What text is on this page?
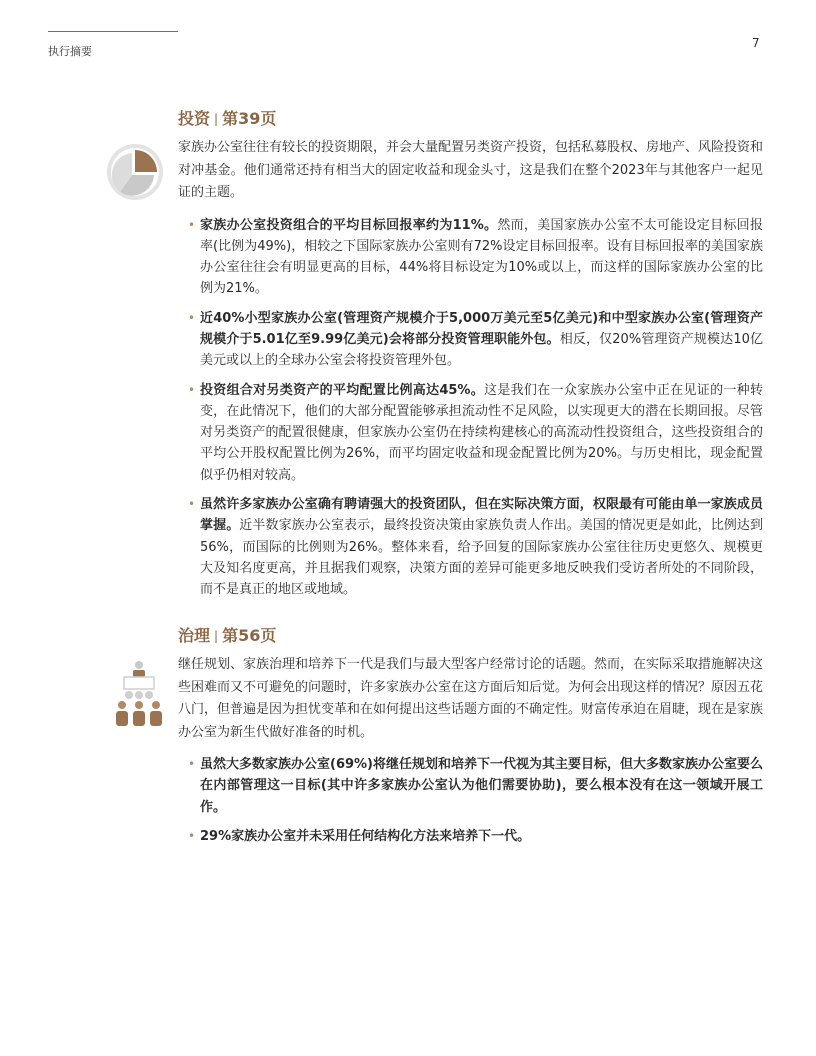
执行摘要
7
投资 | 第39页

家族办公室往往有较长的投资期限，并会大量配置另类资产投资，包括私募股权、房地产、风险投资和对冲基金。他们通常还持有相当大的固定收益和现金头寸，这是我们在整个2023年与其他客户一起见证的主题。

• 家族办公室投资组合的平均目标回报率约为11%。然而，美国家族办公室不太可能设定目标回报率(比例为49%)，相较之下国际家族办公室则有72%设定目标回报率。设有目标回报率的美国家族办公室往往会有明显更高的目标，44%将目标设定为10%或以上，而这样的国际家族办公室的比例为21%。
• 近40%小型家族办公室(管理资产规模介于5,000万美元至5亿美元)和中型家族办公室(管理资产规模介于5.01亿至9.99亿美元)会将部分投资管理职能外包。相反，仅20%管理资产规模达10亿美元或以上的全球办公室会将投资管理外包。
• 投资组合对另类资产的平均配置比例高达45%。这是我们在一众家族办公室中正在见证的一种转变，在此情况下，他们的大部分配置能够承担流动性不足风险，以实现更大的潜在长期回报。尽管对另类资产的配置很健康，但家族办公室仍在持续构建核心的高流动性投资组合，这些投资组合的平均公开股权配置比例为26%，而平均固定收益和现金配置比例为20%。与历史相比，现金配置似乎仍相对较高。
• 虽然许多家族办公室确有聘请强大的投资团队，但在实际决策方面，权限最有可能由单一家族成员掌握。近半数家族办公室表示，最终投资决策由家族负责人作出。美国的情况更是如此，比例达到56%，而国际的比例则为26%。整体来看，给予回复的国际家族办公室往往历史更悠久、规模更大及知名度更高，并且据我们观察，决策方面的差异可能更多地反映我们受访者所处的不同阶段，而不是真正的地区或地域。
治理 | 第56页

继任规划、家族治理和培养下一代是我们与最大型客户经常讨论的话题。然而，在实际采取措施解决这些困难而又不可避免的问题时，许多家族办公室在这方面后知后觉。为何会出现这样的情况？原因五花八门，但普遍是因为担忧变革和在如何提出这些话题方面的不确定性。财富传承迫在眉睫，现在是家族办公室为新生代做好准备的时机。

• 虽然大多数家族办公室(69%)将继任规划和培养下一代视为其主要目标，但大多数家族办公室要么在内部管理这一目标(其中许多家族办公室认为他们需要协助)，要么根本没有在这一领域开展工作。
• 29%家族办公室并未采用任何结构化方法来培养下一代。
